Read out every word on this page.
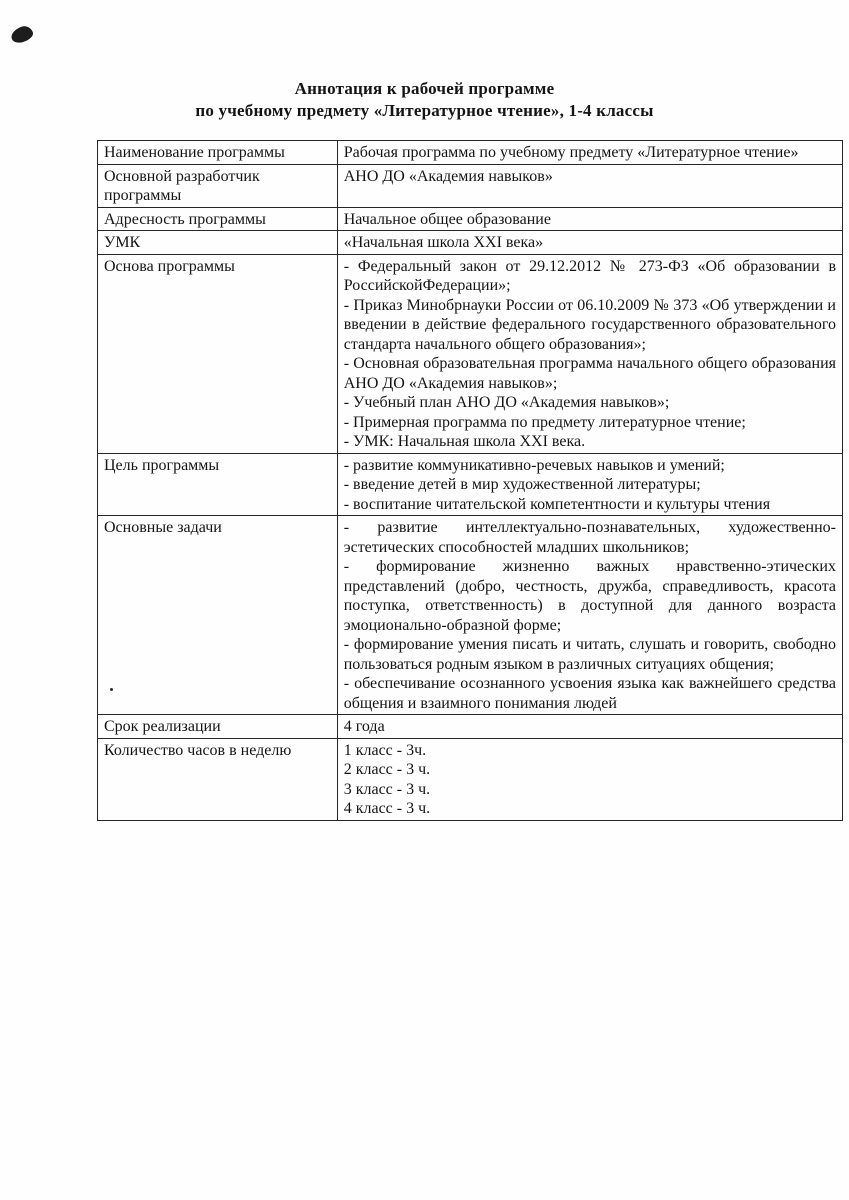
Аннотация к рабочей программе
по учебному предмету «Литературное чтение», 1-4 классы
Наименование программы	Рабочая программа по учебному предмету «Литературное чтение»

Основной разработчик программы	АНО ДО «Академия навыков»

Адресность программы	Начальное общее образование

УМК	«Начальная школа XXI века»

Основа программы	- Федеральный закон от 29.12.2012 № 273-ФЗ «Об образовании в РоссийскойФедерации»;
- Приказ Минобрнауки России от 06.10.2009 № 373 «Об утверждении и введении в действие федерального государственного образовательного стандарта начального общего образования»;
- Основная образовательная программа начального общего образования АНО ДО «Академия навыков»;
- Учебный план АНО ДО «Академия навыков»;
- Примерная программа по предмету литературное чтение;
- УМК: Начальная школа XXI века.

Цель программы	- развитие коммуникативно-речевых навыков и умений;
- введение детей в мир художественной литературы;
- воспитание читательской компетентности и культуры чтения

Основные задачи	- развитие интеллектуально-познавательных, художественно-эстетических способностей младших школьников;
- формирование жизненно важных нравственно-этических представлений (добро, честность, дружба, справедливость, красота поступка, ответственность) в доступной для данного возраста эмоционально-образной форме;
- формирование умения писать и читать, слушать и говорить, свободно пользоваться родным языком в различных ситуациях общения;
- обеспечивание осознанного усвоения языка как важнейшего средства общения и взаимного понимания людей

Срок реализации	4 года

Количество часов в неделю	1 класс - 3ч.
2 класс - 3 ч.
3 класс - 3 ч.
4 класс - 3 ч.
